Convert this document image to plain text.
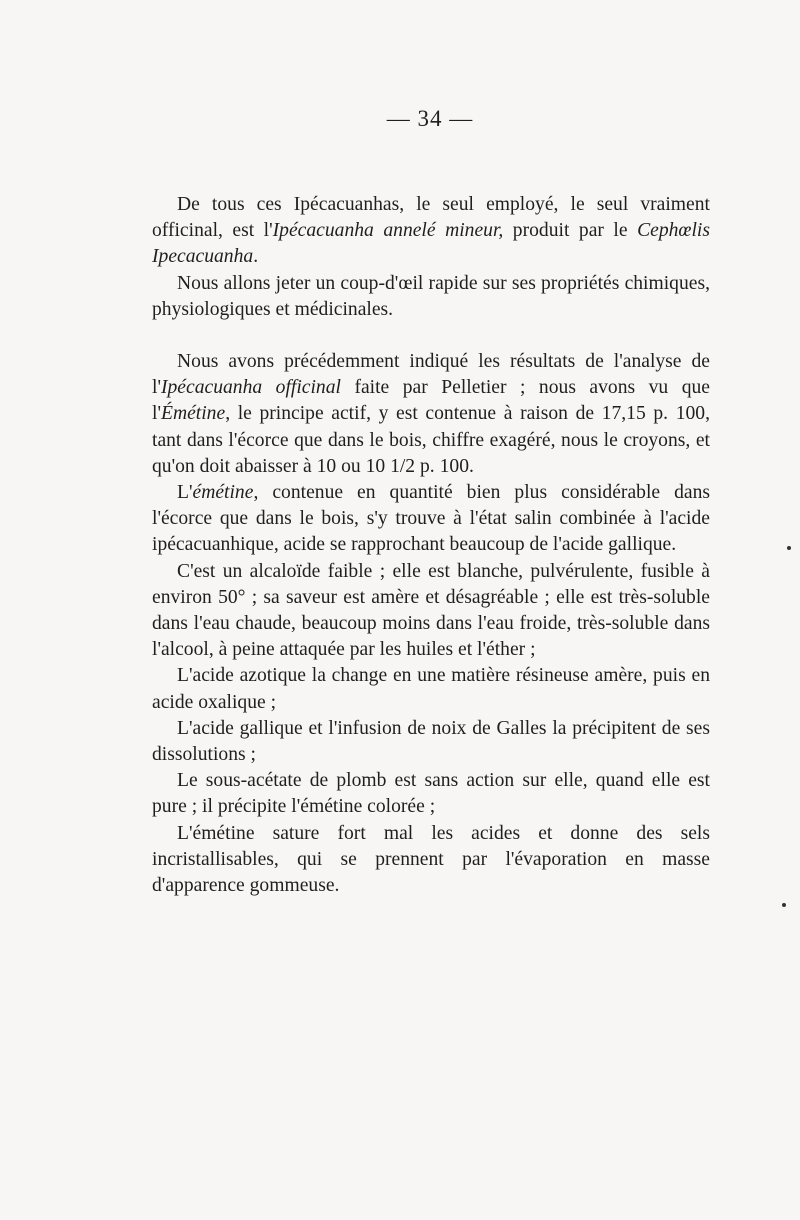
— 34 —

De tous ces Ipécacuanhas, le seul employé, le seul vraiment officinal, est l'Ipécacuanha annelé mineur, produit par le Cephœlis Ipecacuanha.

Nous allons jeter un coup-d'œil rapide sur ses propriétés chimiques, physiologiques et médicinales.

Nous avons précédemment indiqué les résultats de l'analyse de l'Ipécacuanha officinal faite par Pelletier ; nous avons vu que l'Émétine, le principe actif, y est contenue à raison de 17,15 p. 100, tant dans l'écorce que dans le bois, chiffre exagéré, nous le croyons, et qu'on doit abaisser à 10 ou 10 1/2 p. 100.

L'émétine, contenue en quantité bien plus considérable dans l'écorce que dans le bois, s'y trouve à l'état salin combinée à l'acide ipécacuanhique, acide se rapprochant beaucoup de l'acide gallique.

C'est un alcaloïde faible ; elle est blanche, pulvérulente, fusible à environ 50° ; sa saveur est amère et désagréable ; elle est très-soluble dans l'eau chaude, beaucoup moins dans l'eau froide, très-soluble dans l'alcool, à peine attaquée par les huiles et l'éther ;

L'acide azotique la change en une matière résineuse amère, puis en acide oxalique ;

L'acide gallique et l'infusion de noix de Galles la précipitent de ses dissolutions ;

Le sous-acétate de plomb est sans action sur elle, quand elle est pure ; il précipite l'émétine colorée ;

L'émétine sature fort mal les acides et donne des sels incristallisables, qui se prennent par l'évaporation en masse d'apparence gommeuse.
